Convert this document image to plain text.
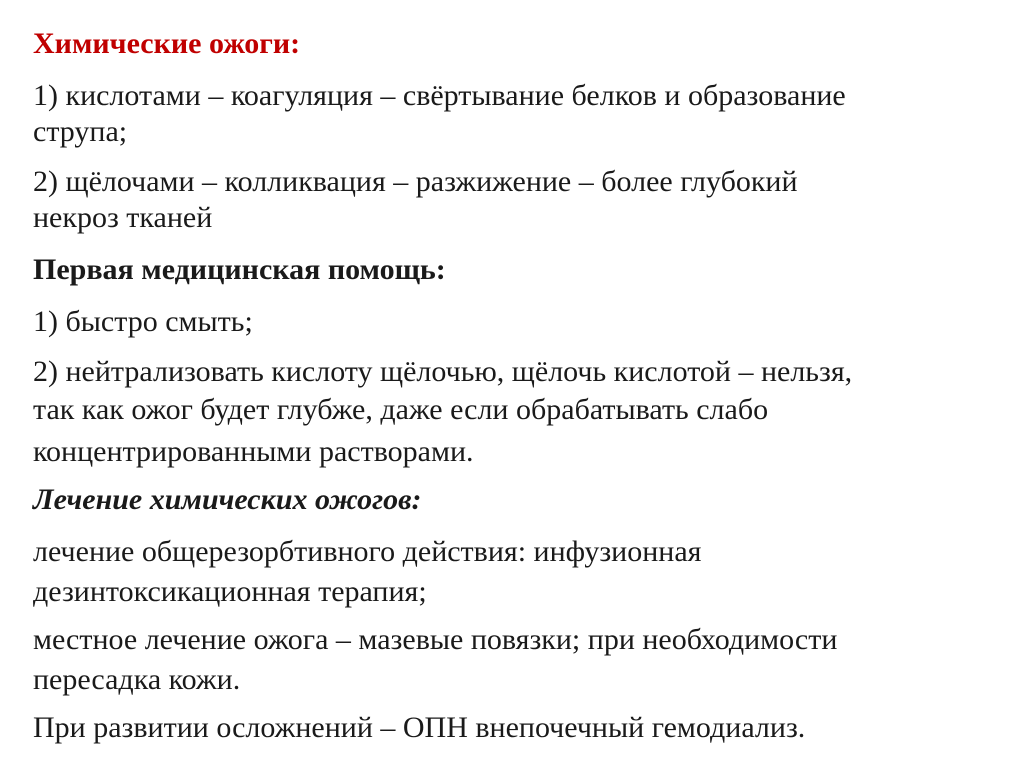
Химические ожоги:
1) кислотами – коагуляция – свёртывание белков и образование
струпа;
2) щёлочами – колликвация – разжижение – более глубокий
некроз тканей
Первая медицинская помощь:
1) быстро смыть;
2) нейтрализовать кислоту щёлочью, щёлочь кислотой – нельзя,
так как ожог будет глубже, даже если обрабатывать слабо
концентрированными растворами.
Лечение химических ожогов:
лечение общерезорбтивного действия: инфузионная
дезинтоксикационная терапия;
местное лечение ожога – мазевые повязки; при необходимости
пересадка кожи.
При развитии осложнений – ОПН внепочечный гемодиализ.
